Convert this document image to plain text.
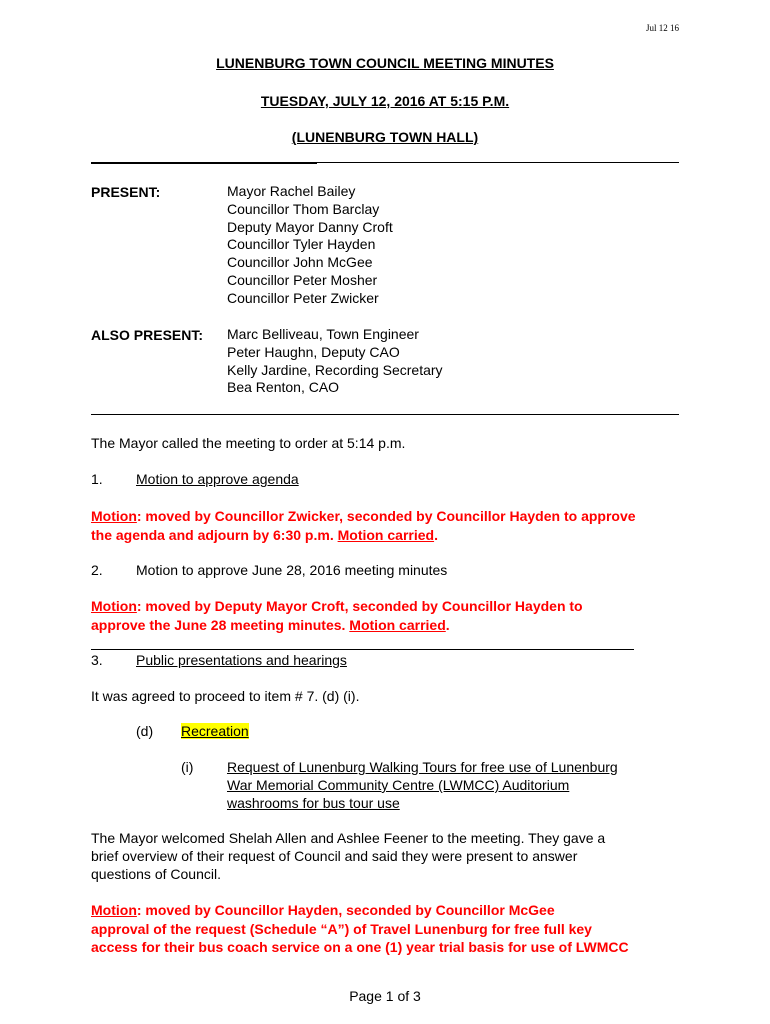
Jul 12 16
LUNENBURG TOWN COUNCIL MEETING MINUTES
TUESDAY, JULY 12, 2016 AT 5:15 P.M.
(LUNENBURG TOWN HALL)
PRESENT:	Mayor Rachel Bailey
Councillor Thom Barclay
Deputy Mayor Danny Croft
Councillor Tyler Hayden
Councillor John McGee
Councillor Peter Mosher
Councillor Peter Zwicker
ALSO PRESENT: Marc Belliveau, Town Engineer
Peter Haughn, Deputy CAO
Kelly Jardine, Recording Secretary
Bea Renton, CAO
The Mayor called the meeting to order at 5:14 p.m.
1. Motion to approve agenda
Motion: moved by Councillor Zwicker, seconded by Councillor Hayden to approve
the agenda and adjourn by 6:30 p.m. Motion carried.
2. Motion to approve June 28, 2016 meeting minutes
Motion: moved by Deputy Mayor Croft, seconded by Councillor Hayden to
approve the June 28 meeting minutes. Motion carried.
3. Public presentations and hearings
It was agreed to proceed to item # 7. (d) (i).
(d) Recreation
(i) Request of Lunenburg Walking Tours for free use of Lunenburg
War Memorial Community Centre (LWMCC) Auditorium
washrooms for bus tour use
The Mayor welcomed Shelah Allen and Ashlee Feener to the meeting. They gave a
brief overview of their request of Council and said they were present to answer
questions of Council.
Motion: moved by Councillor Hayden, seconded by Councillor McGee
approval of the request (Schedule “A”) of Travel Lunenburg for free full key
access for their bus coach service on a one (1) year trial basis for use of LWMCC
Page 1 of 3
